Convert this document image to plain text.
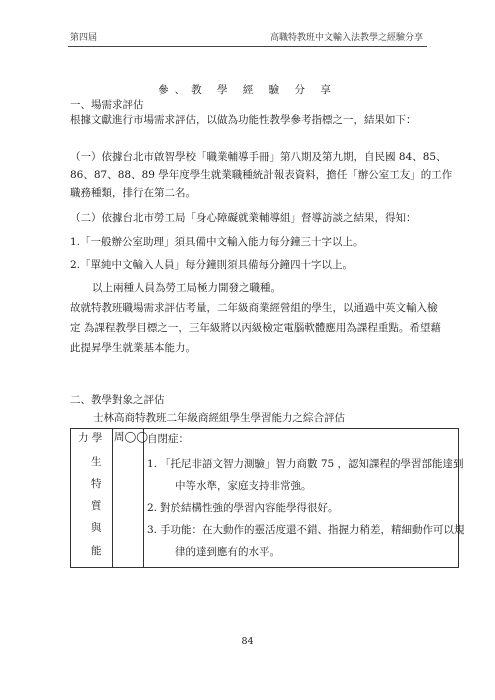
第四屆	高職特教班中文輸入法教學之經驗分享
參、教 學 經 驗 分 享
一、場需求評估
根據文獻進行市場需求評估，以做為功能性教學參考指標之一，結果如下：
（一）依據台北市啟智學校「職業輔導手冊」第八期及第九期，自民國 84、85、
86、87、88、89 學年度學生就業職種統計報表資料，擔任「辦公室工友」的工作
職務種類，排行在第二名。
（二）依據台北市勞工局「身心障礙就業輔導組」督導訪談之結果，得知：
1.「一般辦公室助理」須具備中文輸入能力每分鐘三十字以上。
2.「單純中文輸入人員」每分鐘則須具備每分鐘四十字以上。
以上兩種人員為勞工局極力開發之職種。
故就特教班職場需求評估考量，二年級商業經營組的學生，以通過中英文輸入檢
定 為課程教學目標之一，三年級將以丙級檢定電腦軟體應用為課程重點。希望藉
此提昇學生就業基本能力。
二、教學對象之評估
士林高商特教班二年級商經組學生學習能力之綜合評估
力 學
生
特
質
與
能
周◯◯
自閉症：
1. 「托尼非語文智力測驗」智力商數 75 ，認知課程的學習部能達到
中等水準，家庭支持非常強。
2. 對於結構性強的學習內容能學得很好。
3. 手功能：在大動作的靈活度還不錯、指握力稍差，精細動作可以規
律的達到應有的水平。
84
